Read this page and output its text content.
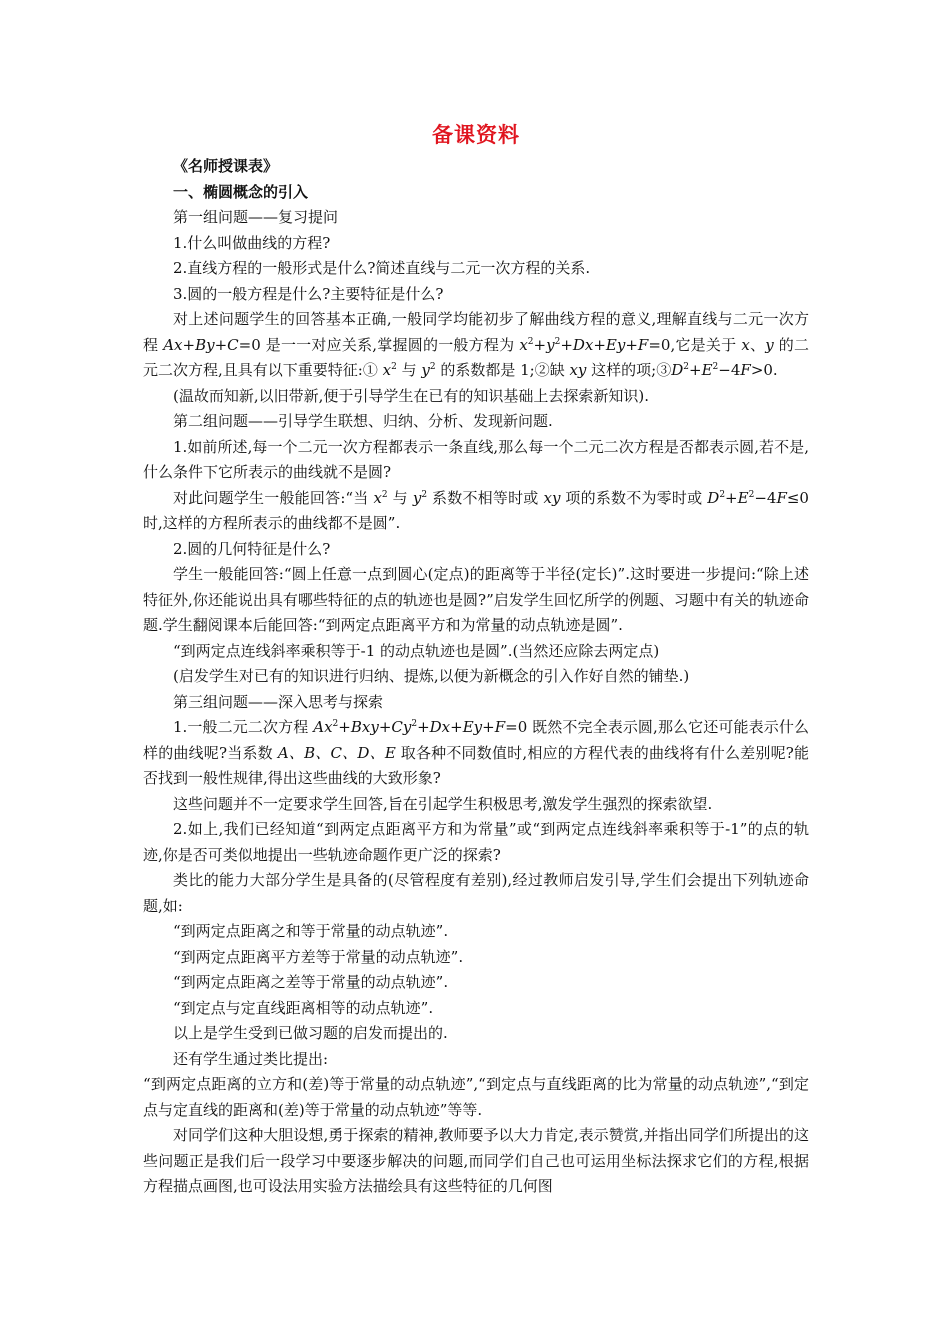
备课资料
《名师授课表》
一、椭圆概念的引入

第一组问题——复习提问

1.什么叫做曲线的方程?

2.直线方程的一般形式是什么?简述直线与二元一次方程的关系.

3.圆的一般方程是什么?主要特征是什么?

对上述问题学生的回答基本正确,一般同学均能初步了解曲线方程的意义,理解直线与二元一次方程 Ax+By+C=0 是一一对应关系,掌握圆的一般方程为 $x^2+y^2+Dx+Ey+F=0$,它是关于 x、y 的二元二次方程,且具有以下重要特征:① $x^2$ 与 $y^2$ 的系数都是 1;②缺 xy 这样的项$;③D^2+E^2-4F>0$.

(温故而知新,以旧带新,便于引导学生在已有的知识基础上去探索新知识).

第二组问题——引导学生联想、归纳、分析、发现新问题.

1.如前所述,每一个二元一次方程都表示一条直线,那么每一个二元二次方程是否都表示圆,若不是,什么条件下它所表示的曲线就不是圆?

对此问题学生一般能回答:“当 $x^2$ 与 $y^2$ 系数不相等时或 xy 项的系数不为零时或 $D^2+E^2-4F\le 0$ 时,这样的方程所表示的曲线都不是圆”.

2.圆的几何特征是什么?

学生一般能回答:“圆上任意一点到圆心(定点)的距离等于半径(定长)”.这时要进一步提问:“除上述特征外,你还能说出具有哪些特征的点的轨迹也是圆?”启发学生回忆所学的例题、习题中有关的轨迹命题.学生翻阅课本后能回答:“到两定点距离平方和为常量的动点轨迹是圆”.

“到两定点连线斜率乘积等于-1 的动点轨迹也是圆”.(当然还应除去两定点)

(启发学生对已有的知识进行归纳、提炼,以便为新概念的引入作好自然的铺垫.)

第三组问题——深入思考与探索

1.一般二元二次方程 $Ax^2+Bxy+Cy^2+Dx+Ey+F=0$ 既然不完全表示圆,那么它还可能表示什么样的曲线呢?当系数 A、B、C、D、E 取各种不同数值时,相应的方程代表的曲线将有什么差别呢?能否找到一般性规律,得出这些曲线的大致形象?

这些问题并不一定要求学生回答,旨在引起学生积极思考,激发学生强烈的探索欲望.

2.如上,我们已经知道“到两定点距离平方和为常量”或“到两定点连线斜率乘积等于-1”的点的轨迹,你是否可类似地提出一些轨迹命题作更广泛的探索?

类比的能力大部分学生是具备的(尽管程度有差别),经过教师启发引导,学生们会提出下列轨迹命题,如:

“到两定点距离之和等于常量的动点轨迹”.

“到两定点距离平方差等于常量的动点轨迹”.

“到两定点距离之差等于常量的动点轨迹”.

“到定点与定直线距离相等的动点轨迹”.

以上是学生受到已做习题的启发而提出的.

还有学生通过类比提出:

“到两定点距离的立方和(差)等于常量的动点轨迹”,“到定点与直线距离的比为常量的动点轨迹”,“到定点与定直线的距离和(差)等于常量的动点轨迹”等等.

对同学们这种大胆设想,勇于探索的精神,教师要予以大力肯定,表示赞赏,并指出同学们所提出的这些问题正是我们后一段学习中要逐步解决的问题,而同学们自己也可运用坐标法探求它们的方程,根据方程描点画图,也可设法用实验方法描绘具有这些特征的几何图
